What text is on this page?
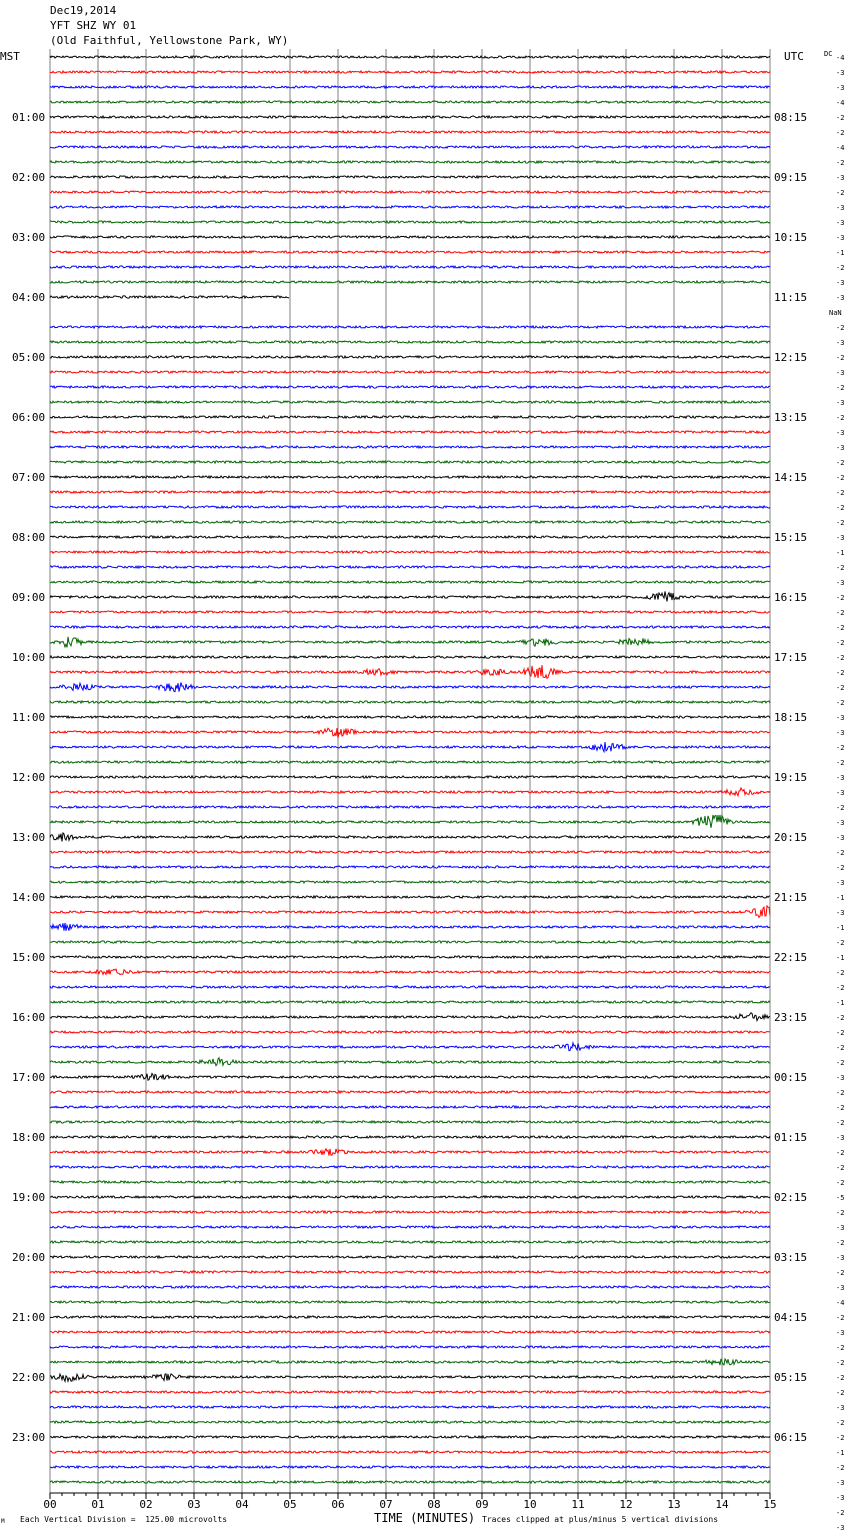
Dec19,2014
YFT SHZ WY 01
(Old Faithful, Yellowstone Park, WY)
MST	UTC
01:00
02:00
03:00
04:00
05:00
06:00
07:00
08:00
09:00
10:00
11:00
12:00
13:00
14:00
15:00
16:00
17:00
18:00
19:00
20:00
21:00
22:00
23:00
08:15
09:15
10:15
11:15
12:15
13:15
14:15
15:15
16:15
17:15
18:15
19:15
20:15
21:15
22:15
23:15
00:15
01:15
02:15
03:15
04:15
05:15
06:15
DC -4
-3
-3
-4
-2
-2
-4
-2
-3
-2
-3
-3
-3
-1
-2
-3
-3
NaN
-2
-3
-2
-3
-2
-3
-2
-3
-3
-2
-2
-2
-2
-2
-3
-1
-2
-3
-2
-2
-2
-2
-2
-2
-2
-2
-3
-3
-2
-2
-3
-3
-2
-3
-3
-2
-2
-3
-1
-3
-1
-2
-1
-2
-2
-1
-2
-2
-2
-2
-3
-2
-2
-2
-3
-2
-2
-2
-5
-2
-3
-2
-3
-2
-3
-4
-2
-3
-2
-2
-2
-2
-3
-2
-2
-1
-2
-3
-3
-2
-3
00	01	02	03	04	05	06	07	08	09	10	11	12	13	14	15
TIME (MINUTES)
Each Vertical Division =  125.00 microvolts	Traces clipped at plus/minus 5 vertical divisions
M
